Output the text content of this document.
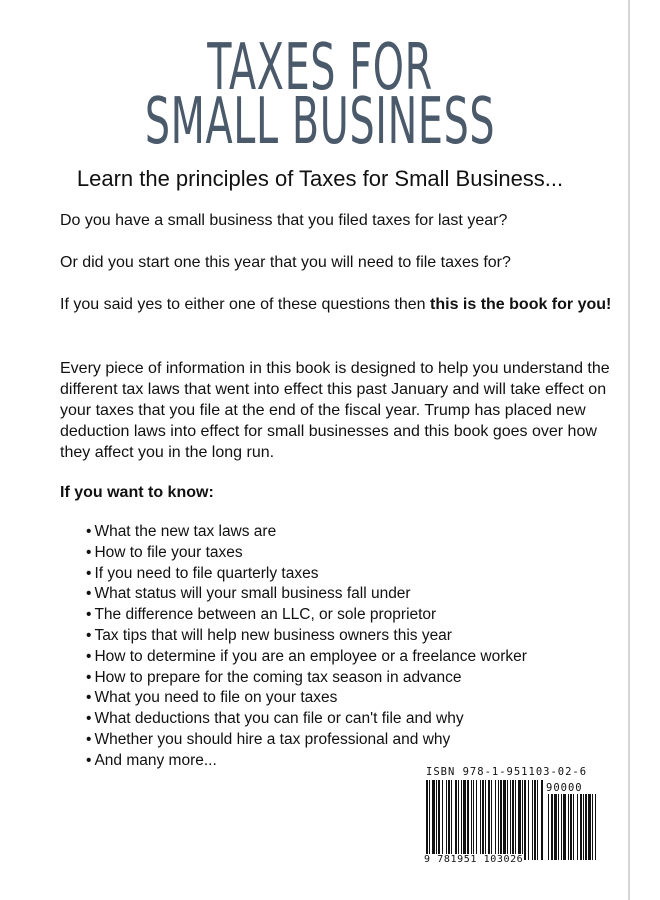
TAXES FOR
SMALL BUSINESS
Learn the principles of Taxes for Small Business...
Do you have a small business that you filed taxes for last year?
Or did you start one this year that you will need to file taxes for?
If you said yes to either one of these questions then this is the book for you!
Every piece of information in this book is designed to help you understand the different tax laws that went into effect this past January and will take effect on your taxes that you file at the end of the fiscal year. Trump has placed new deduction laws into effect for small businesses and this book goes over how they affect you in the long run.
If you want to know:
• What the new tax laws are
• How to file your taxes
• If you need to file quarterly taxes
• What status will your small business fall under
• The difference between an LLC, or sole proprietor
• Tax tips that will help new business owners this year
• How to determine if you are an employee or a freelance worker
• How to prepare for the coming tax season in advance
• What you need to file on your taxes
• What deductions that you can file or can't file and why
• Whether you should hire a tax professional and why
• And many more...
ISBN 978-1-951103-02-6
90000
9 781951 103026
